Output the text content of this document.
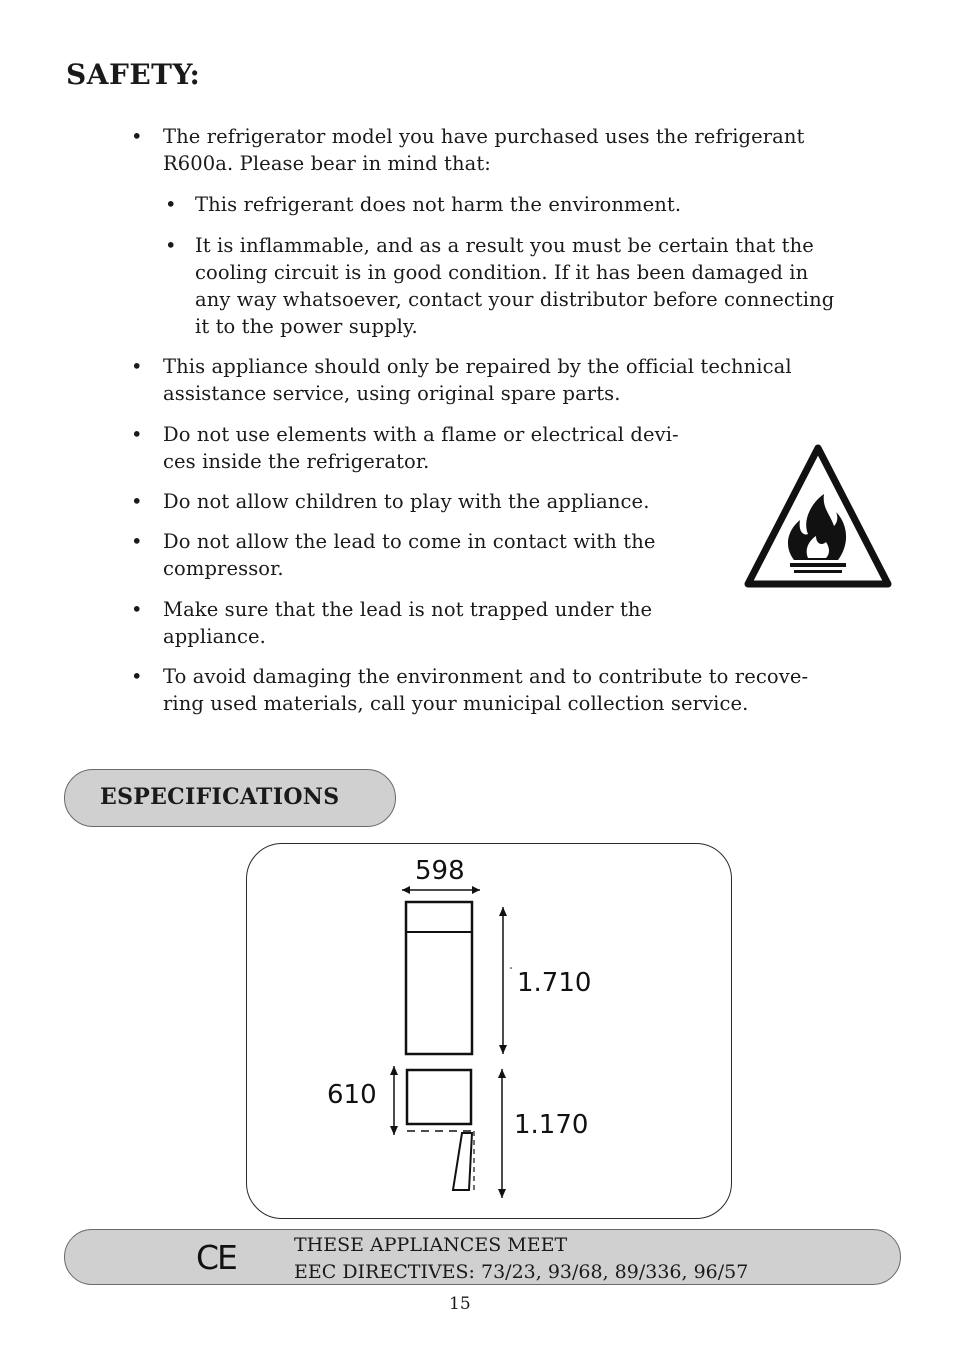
SAFETY:
• The refrigerator model you have purchased uses the refrigerant
R600a. Please bear in mind that:
• This refrigerant does not harm the environment.
• It is inflammable, and as a result you must be certain that the
cooling circuit is in good condition. If it has been damaged in
any way whatsoever, contact your distributor before connecting
it to the power supply.
• This appliance should only be repaired by the official technical
assistance service, using original spare parts.
• Do not use elements with a flame or electrical devi-
ces inside the refrigerator.
• Do not allow children to play with the appliance.
• Do not allow the lead to come in contact with the
compressor.
• Make sure that the lead is not trapped under the
appliance.
• To avoid damaging the environment and to contribute to recove-
ring used materials, call your municipal collection service.
ESPECIFICATIONS
598
1.710
610
1.170
CE	THESE APPLIANCES MEET
EEC DIRECTIVES: 73/23, 93/68, 89/336, 96/57
15
